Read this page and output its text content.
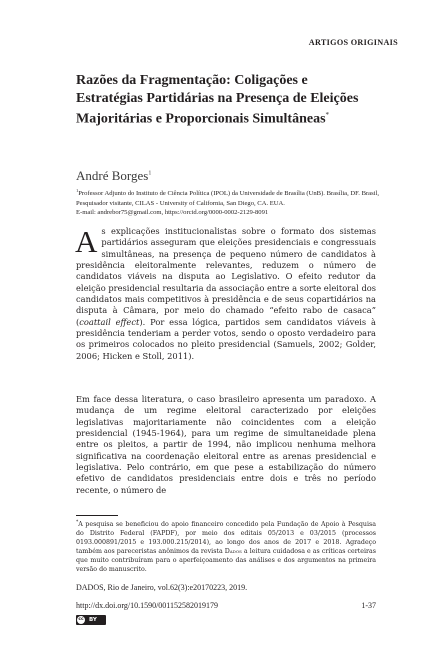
ARTIGOS ORIGINAIS
Razões da Fragmentação: Coligações e Estratégias Partidárias na Presença de Eleições Majoritárias e Proporcionais Simultâneas*
André Borges$^1$
$^1$Professor Adjunto do Instituto de Ciência Política (IPOL) da Universidade de Brasília (UnB). Brasília, DF. Brasil, Pesquisador visitante, CILAS - University of California, San Diego, CA. EUA.
E-mail: andrebor75@gmail.com, https://orcid.org/0000-0002-2129-8091
As explicações institucionalistas sobre o formato dos sistemas partidários asseguram que eleições presidenciais e congressuais simultâneas, na presença de pequeno número de candidatos à presidência eleitoralmente relevantes, reduzem o número de candidatos viáveis na disputa ao Legislativo. O efeito redutor da eleição presidencial resultaria da associação entre a sorte eleitoral dos candidatos mais competitivos à presidência e de seus copartidários na disputa à Câmara, por meio do chamado “efeito rabo de casaca” (coattail effect). Por essa lógica, partidos sem candidatos viáveis à presidência tenderiam a perder votos, sendo o oposto verdadeiro para os primeiros colocados no pleito presidencial (Samuels, 2002; Golder, 2006; Hicken e Stoll, 2011).
Em face dessa literatura, o caso brasileiro apresenta um paradoxo. A mudança de um regime eleitoral caracterizado por eleições legislativas majoritariamente não coincidentes com a eleição presidencial (1945-1964), para um regime de simultaneidade plena entre os pleitos, a partir de 1994, não implicou nenhuma melhora significativa na coordenação eleitoral entre as arenas presidencial e legislativa. Pelo contrário, em que pese a estabilização do número efetivo de candidatos presidenciais entre dois e três no período recente, o número de
*A pesquisa se beneficiou do apoio financeiro concedido pela Fundação de Apoio à Pesquisa do Distrito Federal (FAPDF), por meio dos editais 05/2013 e 03/2015 (processos 0193.000891/2015 e 193.000.215/2014), ao longo dos anos de 2017 e 2018. Agradeço também aos pareceristas anônimos da revista Dados a leitura cuidadosa e as críticas certeiras que muito contribuíram para o aperfeiçoamento das análises e dos argumentos na primeira versão do manuscrito.
DADOS, Rio de Janeiro, vol.62(3):e20170223, 2019.
http://dx.doi.org/10.1590/001152582019179	1-37
cc BY
